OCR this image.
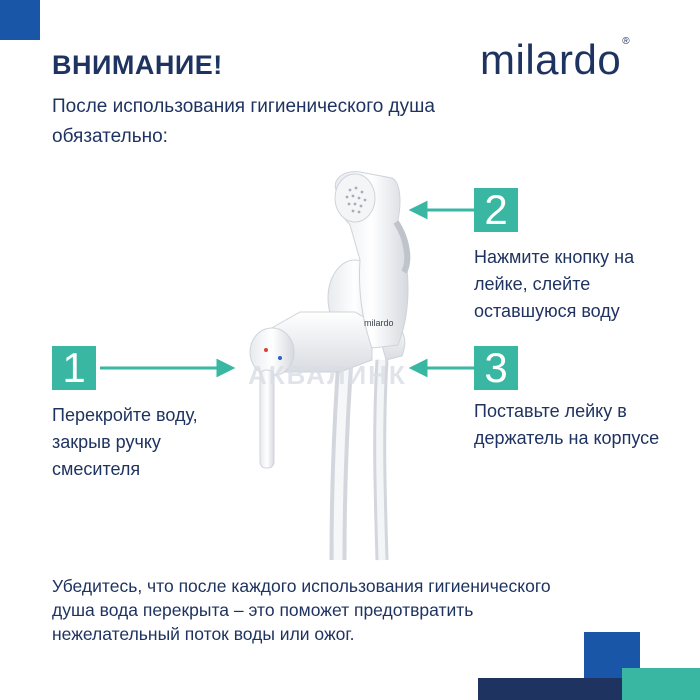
ВНИМАНИЕ!
После использования гигиенического душа обязательно:
milardo®
АКВАЛИНК
milardo
1
Перекройте воду, закрыв ручку смесителя
2
Нажмите кнопку на лейке, слейте оставшуюся воду
3
Поставьте лейку в держатель на корпусе
Убедитесь, что после каждого использования гигиенического душа вода перекрыта – это поможет предотвратить нежелательный поток воды или ожог.
